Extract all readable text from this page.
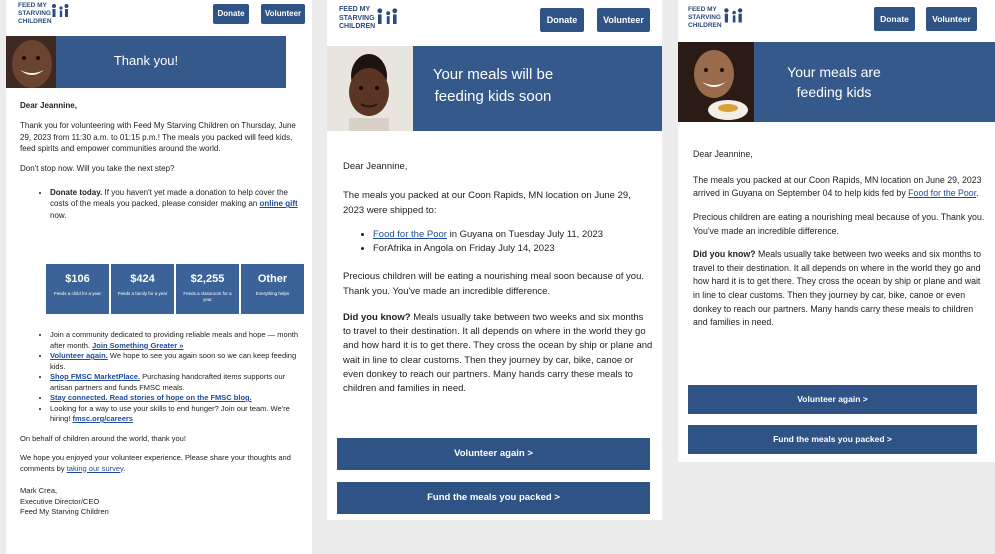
FEED MY STARVING CHILDREN
Donate	Volunteer
Thank you!

Dear Jeannine,

Thank you for volunteering with Feed My Starving Children on Thursday, June 29, 2023 from 11:30 a.m. to 01:15 p.m.! The meals you packed will feed kids, feed spirits and empower communities around the world.

Don't stop now. Will you take the next step?

• Donate today. If you haven't yet made a donation to help cover the costs of the meals you packed, please consider making an online gift now.
$106
Feeds a child for a year
$424
Feeds a family for a year
$2,255
Feeds a classroom for a year
Other
Everything helps
• Join a community dedicated to providing reliable meals and hope — month after month. Join Something Greater »
• Volunteer again. We hope to see you again soon so we can keep feeding kids.
• Shop FMSC MarketPlace. Purchasing handcrafted items supports our artisan partners and funds FMSC meals.
• Stay connected. Read stories of hope on the FMSC blog.
• Looking for a way to use your skills to end hunger? Join our team. We're hiring! fmsc.org/careers

On behalf of children around the world, thank you!

We hope you enjoyed your volunteer experience. Please share your thoughts and comments by taking our survey.

Mark Crea,

Executive Director/CEO

Feed My Starving Children

FEED MY STARVING CHILDREN
Donate	Volunteer
Your meals will be
feeding kids soon

Dear Jeannine,

The meals you packed at our Coon Rapids, MN location on June 29, 2023 were shipped to:

• Food for the Poor in Guyana on Tuesday July 11, 2023
• ForAfrika in Angola on Friday July 14, 2023

Precious children will be eating a nourishing meal soon because of you. Thank you. You've made an incredible difference.

Did you know? Meals usually take between two weeks and six months to travel to their destination. It all depends on where in the world they go and how hard it is to get there. They cross the ocean by ship or plane and wait in line to clear customs. Then they journey by car, bike, canoe or even donkey to reach our partners. Many hands carry these meals to children and families in need.

Volunteer again >
Fund the meals you packed >
FEED MY STARVING CHILDREN
Donate	Volunteer
Your meals are
feeding kids

Dear Jeannine,

The meals you packed at our Coon Rapids, MN location on June 29, 2023 arrived in Guyana on September 04 to help kids fed by Food for the Poor.

Precious children are eating a nourishing meal because of you. Thank you. You've made an incredible difference.

Did you know? Meals usually take between two weeks and six months to travel to their destination. It all depends on where in the world they go and how hard it is to get there. They cross the ocean by ship or plane and wait in line to clear customs. Then they journey by car, bike, canoe or even donkey to reach our partners. Many hands carry these meals to children and families in need.

Volunteer again >
Fund the meals you packed >
